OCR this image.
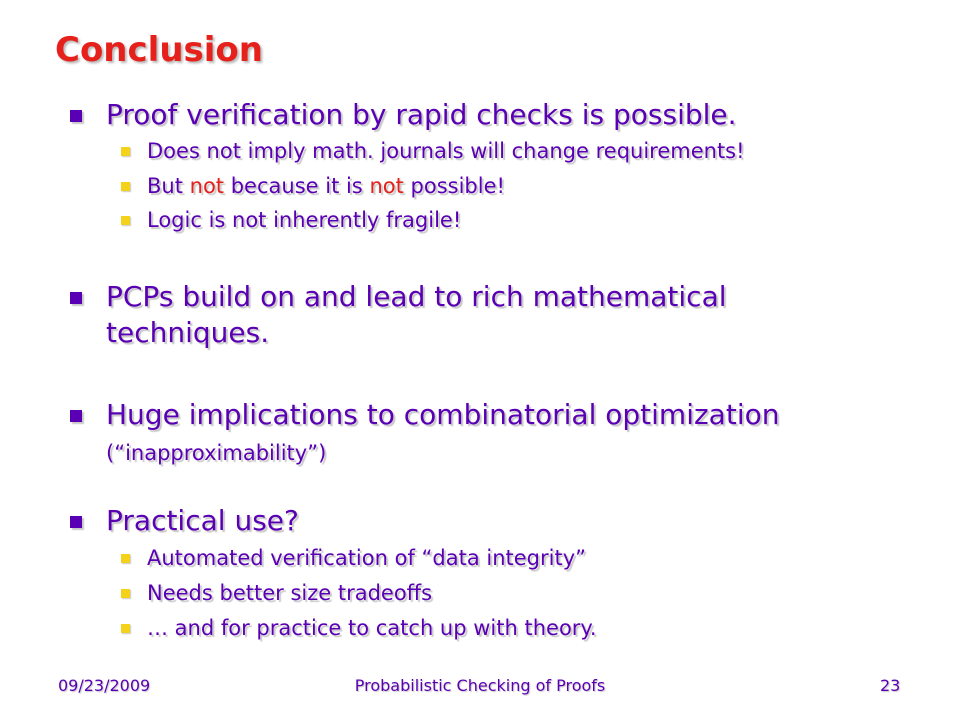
Conclusion
Proof verification by rapid checks is possible.
Does not imply math. journals will change requirements!
But not because it is not possible!
Logic is not inherently fragile!
PCPs build on and lead to rich mathematical techniques.
Huge implications to combinatorial optimization
(“inapproximability”)
Practical use?
Automated verification of “data integrity”
Needs better size tradeoffs
… and for practice to catch up with theory.
09/23/2009	Probabilistic Checking of Proofs	23
